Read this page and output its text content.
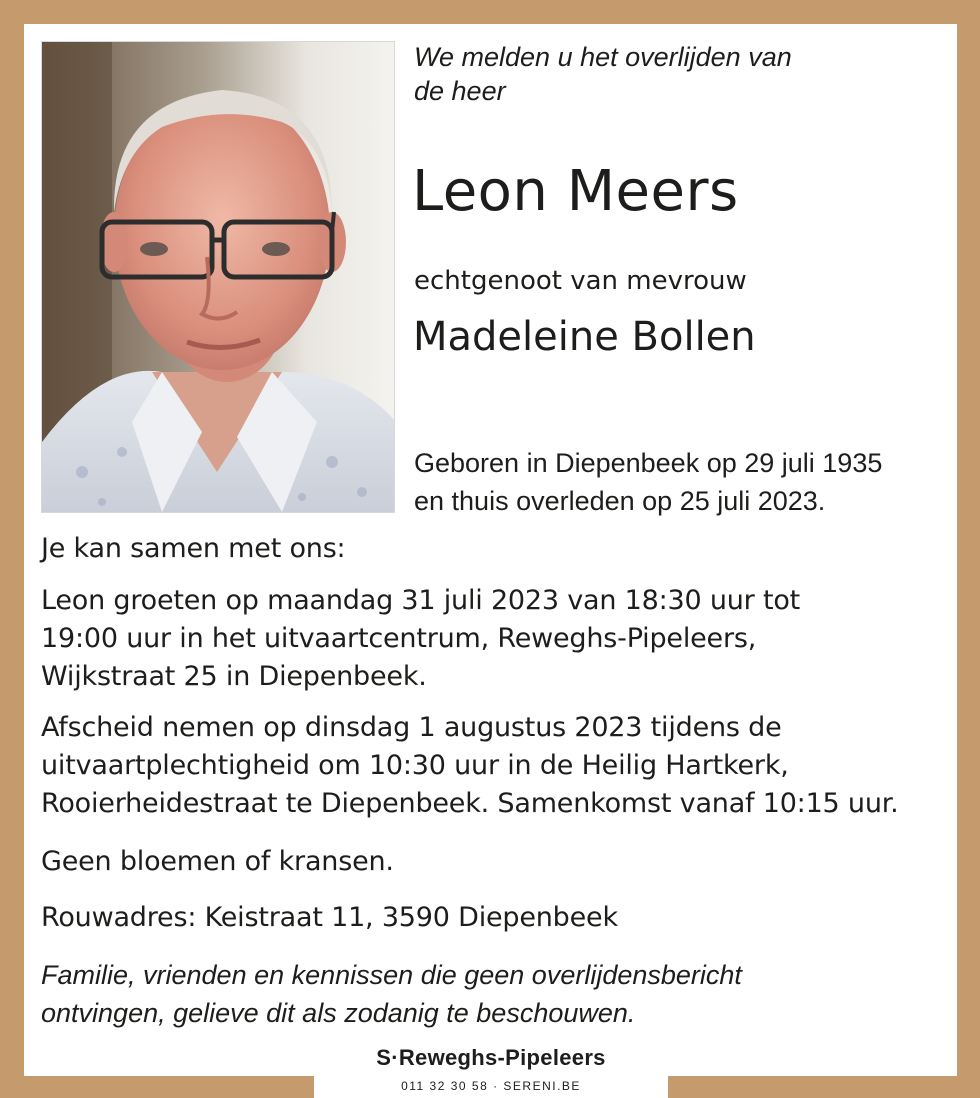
We melden u het overlijden van
de heer
Leon Meers
echtgenoot van mevrouw
Madeleine Bollen
Geboren in Diepenbeek op 29 juli 1935
en thuis overleden op 25 juli 2023.
Je kan samen met ons:
Leon groeten op maandag 31 juli 2023 van 18:30 uur tot
19:00 uur in het uitvaartcentrum, Reweghs-Pipeleers,
Wijkstraat 25 in Diepenbeek.
Afscheid nemen op dinsdag 1 augustus 2023 tijdens de
uitvaartplechtigheid om 10:30 uur in de Heilig Hartkerk,
Rooierheidestraat te Diepenbeek. Samenkomst vanaf 10:15 uur.
Geen bloemen of kransen.
Rouwadres: Keistraat 11, 3590 Diepenbeek
Familie, vrienden en kennissen die geen overlijdensbericht
ontvingen, gelieve dit als zodanig te beschouwen.
S·Reweghs-Pipeleers
011 32 30 58 · SERENI.BE
